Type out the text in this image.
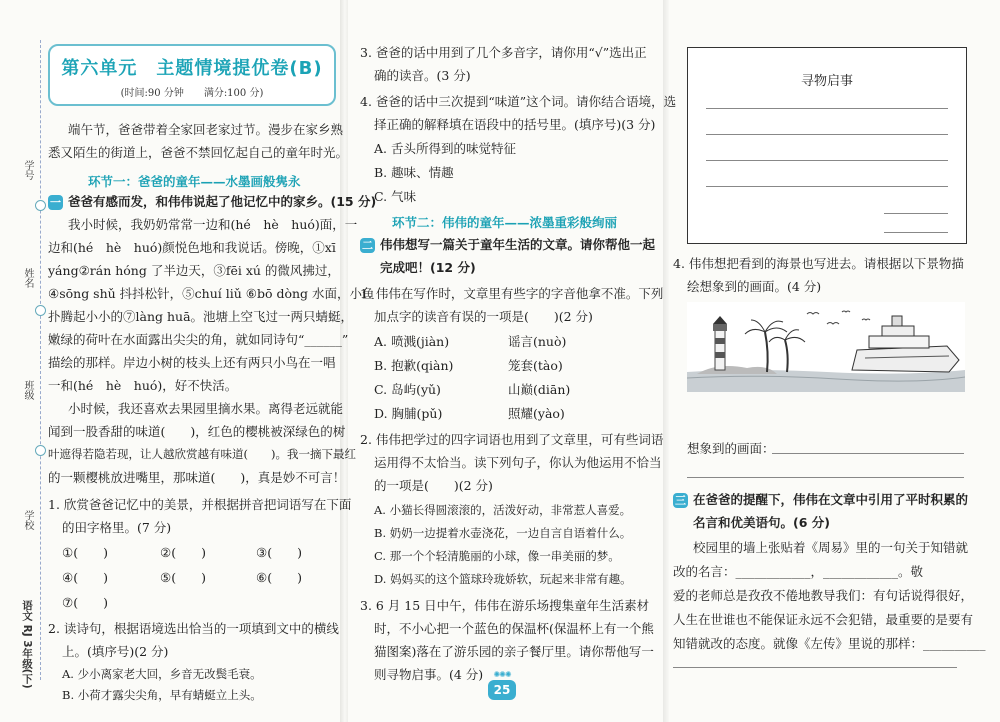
学号
姓名
班级
学校
语文 RJ 3年级(下)
第六单元　主题情境提优卷(B)
(时间:90 分钟　　满分:100 分)
端午节，爸爸带着全家回老家过节。漫步在家乡熟
悉又陌生的街道上，爸爸不禁回忆起自己的童年时光。
环节一：爸爸的童年——水墨画般隽永
一 爸爸有感而发，和伟伟说起了他记忆中的家乡。(15 分)
我小时候，我奶奶常常一边和(hé　hè　huó)面，一
边和(hé　hè　huó)颜悦色地和我说话。傍晚，①xī
yáng②rán hóng 了半边天，③fēi xú 的微风拂过，
④sōng shǔ 抖抖松针，⑤chuí liǔ ⑥bō dòng 水面，小鱼
扑腾起小小的⑦làng huā。池塘上空飞过一两只蜻蜓，
嫩绿的荷叶在水面露出尖尖的角，就如同诗句“______”
描绘的那样。岸边小树的枝头上还有两只小鸟在一唱
一和(hé　hè　huó)，好不快活。
小时候，我还喜欢去果园里摘水果。离得老远就能
闻到一股香甜的味道(　　)，红色的樱桃被深绿色的树
叶遮得若隐若现，让人越欣赏越有味道(　　)。我一摘下最红
的一颗樱桃放进嘴里，那味道(　　)，真是妙不可言！
1. 欣赏爸爸记忆中的美景，并根据拼音把词语写在下面
的田字格里。(7 分)
①(　　)	②(　　)	③(　　)
④(　　)	⑤(　　)	⑥(　　)
⑦(　　)
2. 读诗句，根据语境选出恰当的一项填到文中的横线
上。(填序号)(2 分)
A. 少小离家老大回，乡音无改鬓毛衰。
B. 小荷才露尖尖角，早有蜻蜓立上头。
3. 爸爸的话中用到了几个多音字，请你用“√”选出正
确的读音。(3 分)
4. 爸爸的话中三次提到“味道”这个词。请你结合语境，选
择正确的解释填在语段中的括号里。(填序号)(3 分)
A. 舌头所得到的味觉特征
B. 趣味、情趣
C. 气味
环节二：伟伟的童年——浓墨重彩般绚丽
二 伟伟想写一篇关于童年生活的文章。请你帮他一起
完成吧！(12 分)
1. 伟伟在写作时，文章里有些字的字音他拿不准。下列
加点字的读音有误的一项是(　　)(2 分)
A. 喷溅(jiàn)	谣言(nuò)
B. 抱歉(qiàn)	笼套(tào)
C. 岛屿(yǔ)	山巅(diān)
D. 胸脯(pǔ)	照耀(yào)
2. 伟伟把学过的四字词语也用到了文章里，可有些词语
运用得不太恰当。读下列句子，你认为他运用不恰当
的一项是(　　)(2 分)
A. 小猫长得圆滚滚的，活泼好动，非常惹人喜爱。
B. 奶奶一边提着水壶浇花，一边自言自语着什么。
C. 那一个个轻清脆丽的小球，像一串美丽的梦。
D. 妈妈买的这个篮球玲珑娇软，玩起来非常有趣。
3. 6 月 15 日中午，伟伟在游乐场搜集童年生活素材
时，不小心把一个蓝色的保温杯(保温杯上有一个熊
猫图案)落在了游乐园的亲子餐厅里。请你帮他写一
则寻物启事。(4 分)	✺✺✺
25
寻物启事
4. 伟伟想把看到的海景也写进去。请根据以下景物描
绘想象到的画面。(4 分)
想象到的画面：
三 在爸爸的提醒下，伟伟在文章中引用了平时积累的
名言和优美语句。(6 分)
校园里的墙上张贴着《周易》里的一句关于知错就
改的名言：____________，____________。敬
爱的老师总是孜孜不倦地教导我们：有句话说得很好，
人生在世谁也不能保证永远不会犯错，最重要的是要有
知错就改的态度。就像《左传》里说的那样：__________
